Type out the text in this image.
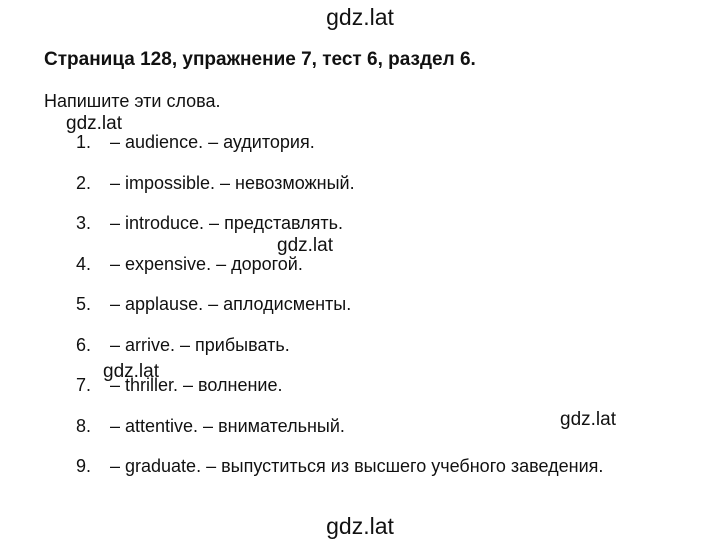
gdz.lat
Страница 128, упражнение 7, тест 6, раздел 6.
Напишите эти слова.
1. – audience. – аудитория.
2. – impossible. – невозможный.
3. – introduce. – представлять.
4. – expensive. – дорогой.
5. – applause. – аплодисменты.
6. – arrive. – прибывать.
7. – thriller. – волнение.
8. – attentive. – внимательный.
9. – graduate. – выпуститься из высшего учебного заведения.
gdz.lat
gdz.lat
gdz.lat
gdz.lat
gdz.lat
